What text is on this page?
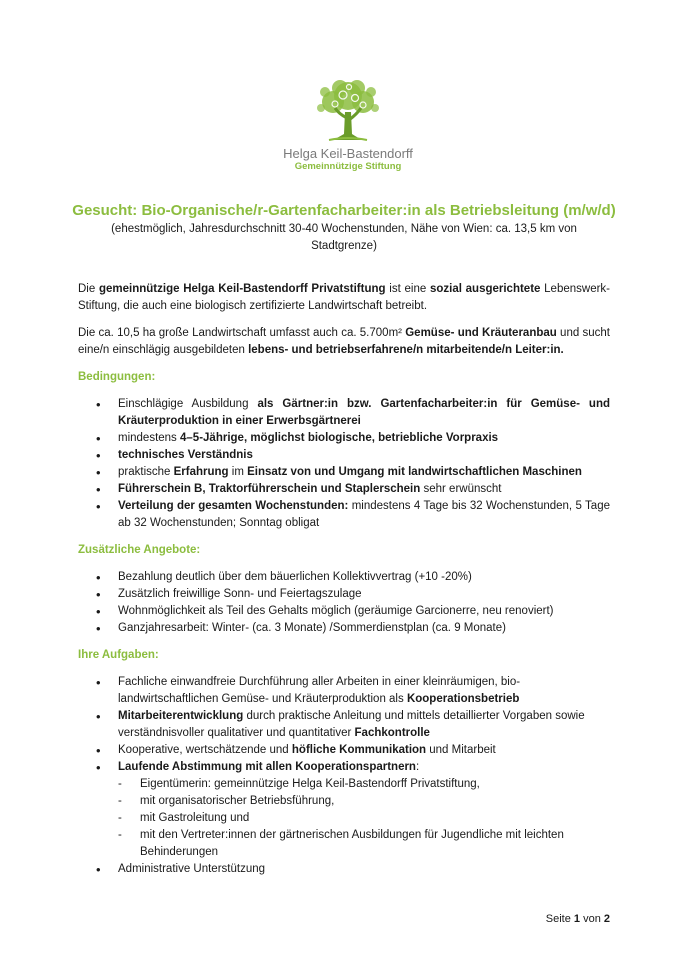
Helga Keil-Bastendorff
Gemeinnützige Stiftung
Gesucht: Bio-Organische/r-Gartenfacharbeiter:in als Betriebsleitung (m/w/d)
(ehestmöglich, Jahresdurchschnitt 30-40 Wochenstunden, Nähe von Wien: ca. 13,5 km von Stadtgrenze)

Die gemeinnützige Helga Keil-Bastendorff Privatstiftung ist eine sozial ausgerichtete Lebenswerk-Stiftung, die auch eine biologisch zertifizierte Landwirtschaft betreibt.

Die ca. 10,5 ha große Landwirtschaft umfasst auch ca. 5.700m² Gemüse- und Kräuteranbau und sucht eine/n einschlägig ausgebildeten lebens- und betriebserfahrene/n mitarbeitende/n Leiter:in.

Bedingungen:
• Einschlägige Ausbildung als Gärtner:in bzw. Gartenfacharbeiter:in für Gemüse- und Kräuterproduktion in einer Erwerbsgärtnerei
• mindestens 4–5-Jährige, möglichst biologische, betriebliche Vorpraxis
• technisches Verständnis
• praktische Erfahrung im Einsatz von und Umgang mit landwirtschaftlichen Maschinen
• Führerschein B, Traktorführerschein und Staplerschein sehr erwünscht
• Verteilung der gesamten Wochenstunden: mindestens 4 Tage bis 32 Wochenstunden, 5 Tage ab 32 Wochenstunden; Sonntag obligat
Zusätzliche Angebote:
• Bezahlung deutlich über dem bäuerlichen Kollektivvertrag (+10 -20%)
• Zusätzlich freiwillige Sonn- und Feiertagszulage
• Wohnmöglichkeit als Teil des Gehalts möglich (geräumige Garcionerre, neu renoviert)
• Ganzjahresarbeit: Winter- (ca. 3 Monate) /Sommerdienstplan (ca. 9 Monate)
Ihre Aufgaben:
• Fachliche einwandfreie Durchführung aller Arbeiten in einer kleinräumigen, bio-landwirtschaftlichen Gemüse- und Kräuterproduktion als Kooperationsbetrieb
• Mitarbeiterentwicklung durch praktische Anleitung und mittels detaillierter Vorgaben sowie verständnisvoller qualitativer und quantitativer Fachkontrolle
• Kooperative, wertschätzende und höfliche Kommunikation und Mitarbeit
• Laufende Abstimmung mit allen Kooperationspartnern:
- Eigentümerin: gemeinnützige Helga Keil-Bastendorff Privatstiftung,
- mit organisatorischer Betriebsführung,
- mit Gastroleitung und
- mit den Vertreter:innen der gärtnerischen Ausbildungen für Jugendliche mit leichten Behinderungen
• Administrative Unterstützung
Seite 1 von 2
